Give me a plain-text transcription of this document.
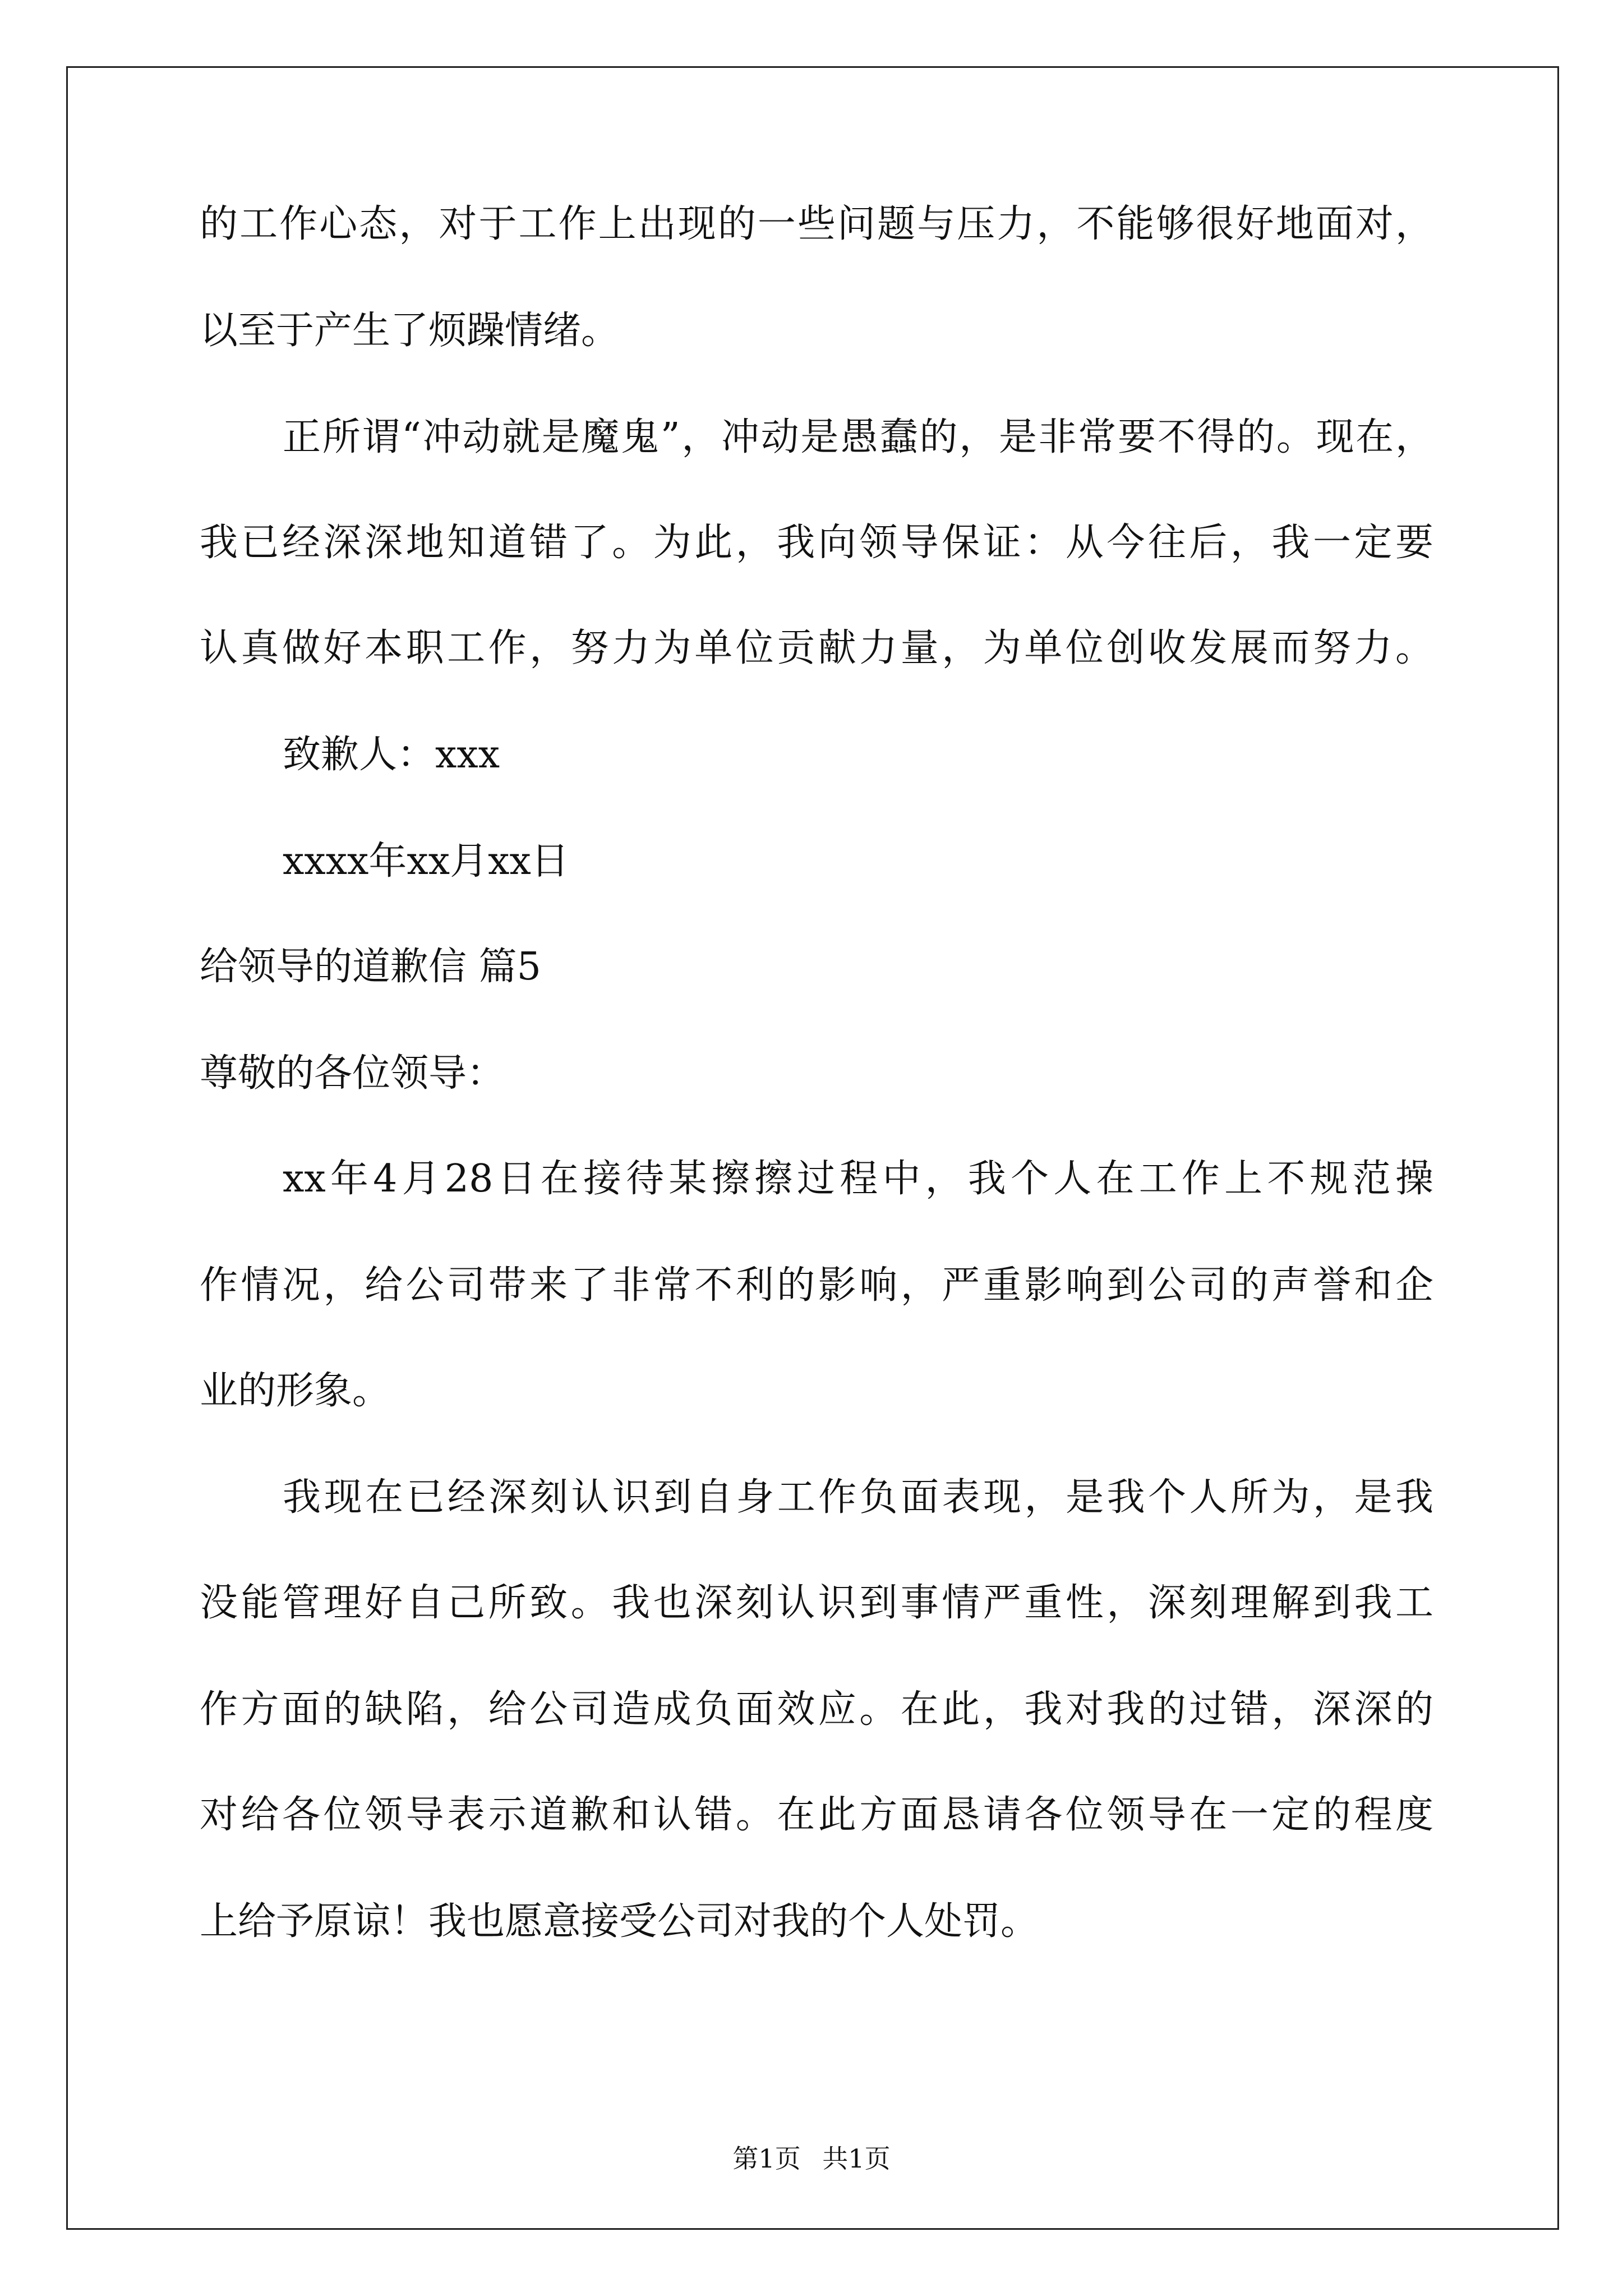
的工作心态，对于工作上出现的一些问题与压力，不能够很好地面对，
以至于产生了烦躁情绪。
正所谓“冲动就是魔鬼”，冲动是愚蠢的，是非常要不得的。现在，
我已经深深地知道错了。为此，我向领导保证：从今往后，我一定要
认真做好本职工作，努力为单位贡献力量，为单位创收发展而努力。
致歉人：xxx
xxxx年xx月xx日
给领导的道歉信 篇5
尊敬的各位领导：
xx年4月28日在接待某擦擦过程中，我个人在工作上不规范操
作情况，给公司带来了非常不利的影响，严重影响到公司的声誉和企
业的形象。
我现在已经深刻认识到自身工作负面表现，是我个人所为，是我
没能管理好自己所致。我也深刻认识到事情严重性，深刻理解到我工
作方面的缺陷，给公司造成负面效应。在此，我对我的过错，深深的
对给各位领导表示道歉和认错。在此方面恳请各位领导在一定的程度
上给予原谅！我也愿意接受公司对我的个人处罚。
第1页 共1页
